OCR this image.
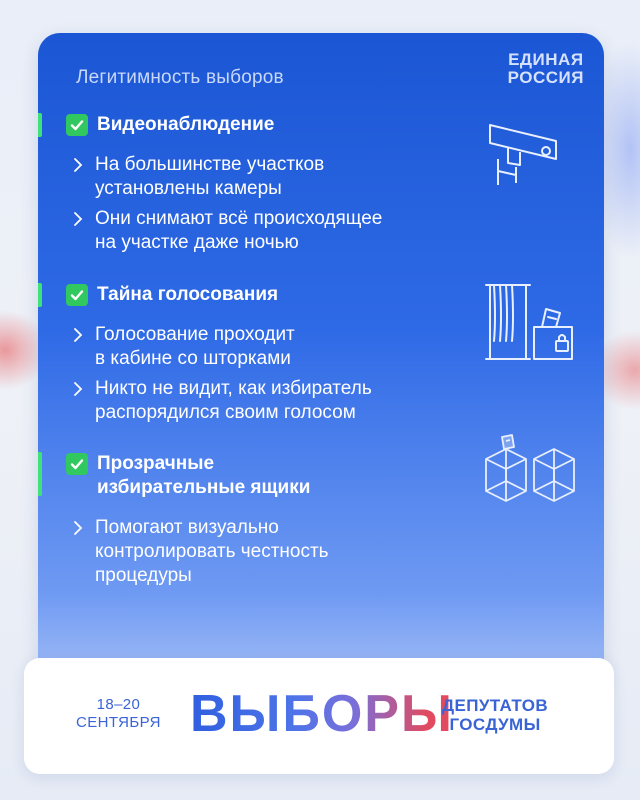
Легитимность выборов
ЕДИНАЯ
РОССИЯ
Видеонаблюдение
На большинстве участков
установлены камеры
Они снимают всё происходящее
на участке даже ночью
Тайна голосования
Голосование проходит
в кабине со шторками
Никто не видит, как избиратель
распорядился своим голосом
Прозрачные
избирательные ящики
Помогают визуально
контролировать честность
процедуры
18–20
СЕНТЯБРЯ ВЫБОРЫ
ДЕПУТАТОВ
ГОСДУМЫ
